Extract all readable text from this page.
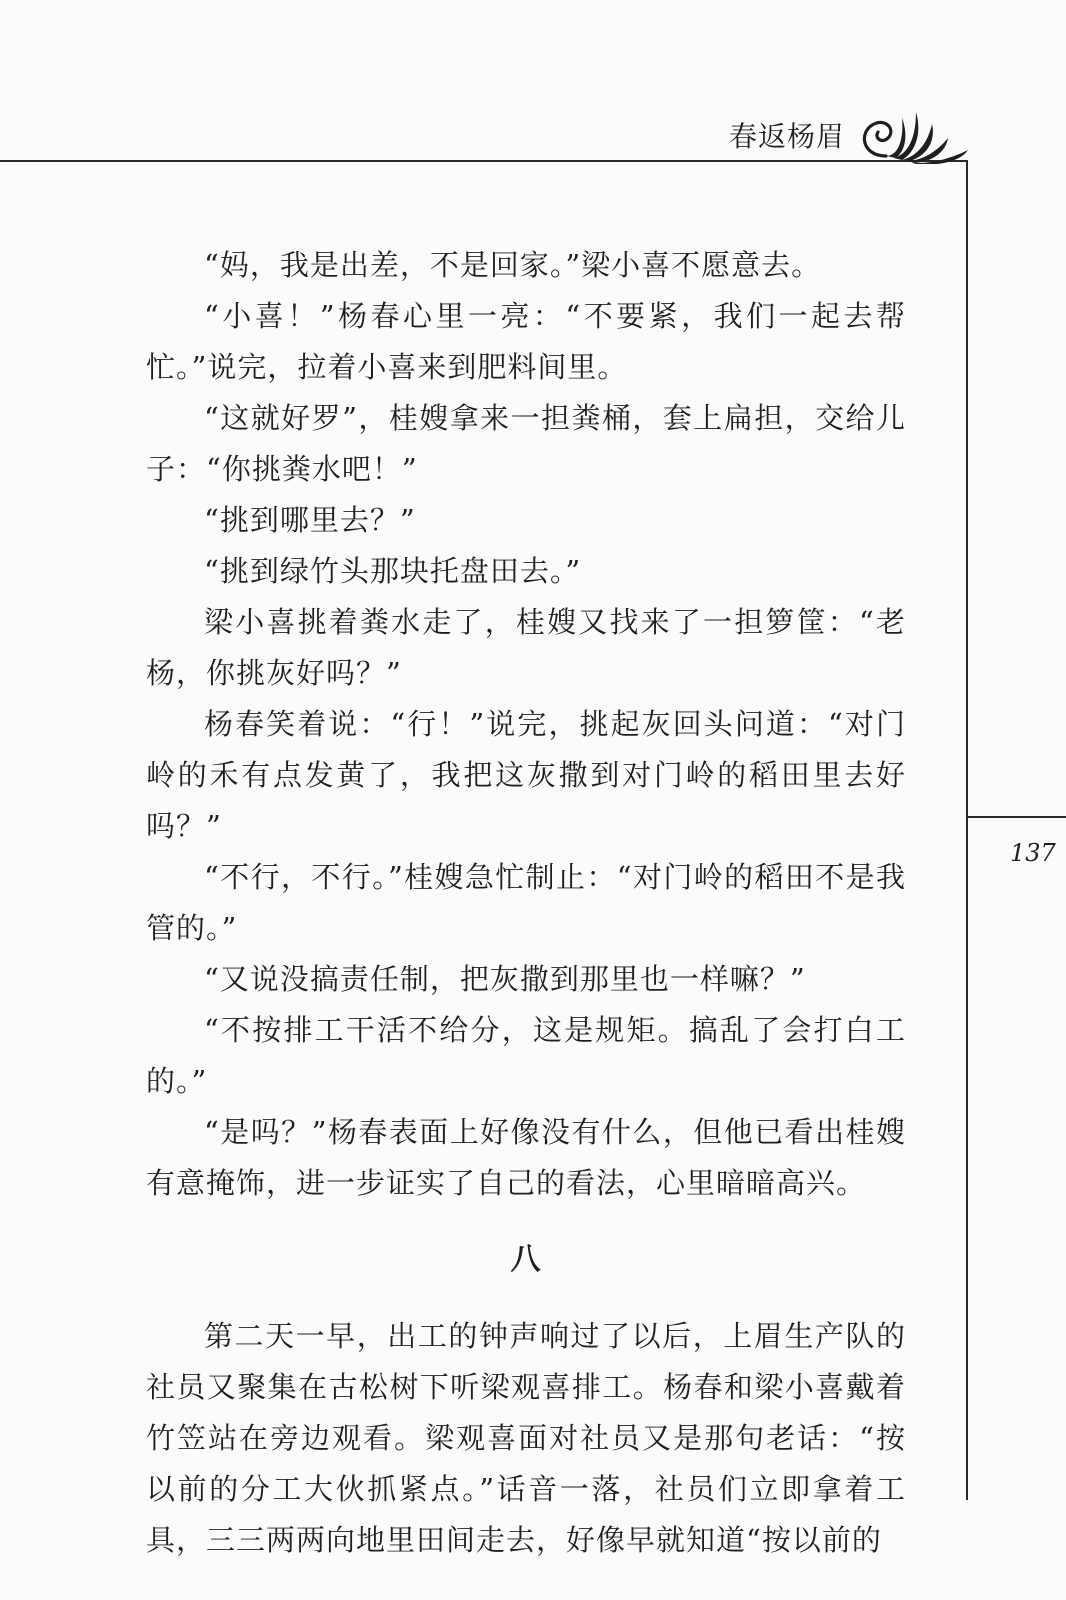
春返杨眉
137

“妈，我是出差，不是回家。”梁小喜不愿意去。

“小喜！”杨春心里一亮：“不要紧，我们一起去帮忙。”说完，拉着小喜来到肥料间里。

“这就好罗”，桂嫂拿来一担粪桶，套上扁担，交给儿子：“你挑粪水吧！”

“挑到哪里去？”

“挑到绿竹头那块托盘田去。”

梁小喜挑着粪水走了，桂嫂又找来了一担箩筐：“老杨，你挑灰好吗？”

杨春笑着说：“行！”说完，挑起灰回头问道：“对门岭的禾有点发黄了，我把这灰撒到对门岭的稻田里去好吗？”

“不行，不行。”桂嫂急忙制止：“对门岭的稻田不是我管的。”

“又说没搞责任制，把灰撒到那里也一样嘛？”

“不按排工干活不给分，这是规矩。搞乱了会打白工的。”

“是吗？”杨春表面上好像没有什么，但他已看出桂嫂有意掩饰，进一步证实了自己的看法，心里暗暗高兴。

八

第二天一早，出工的钟声响过了以后，上眉生产队的社员又聚集在古松树下听梁观喜排工。杨春和梁小喜戴着竹笠站在旁边观看。梁观喜面对社员又是那句老话：“按以前的分工大伙抓紧点。”话音一落，社员们立即拿着工具，三三两两向地里田间走去，好像早就知道“按以前的
